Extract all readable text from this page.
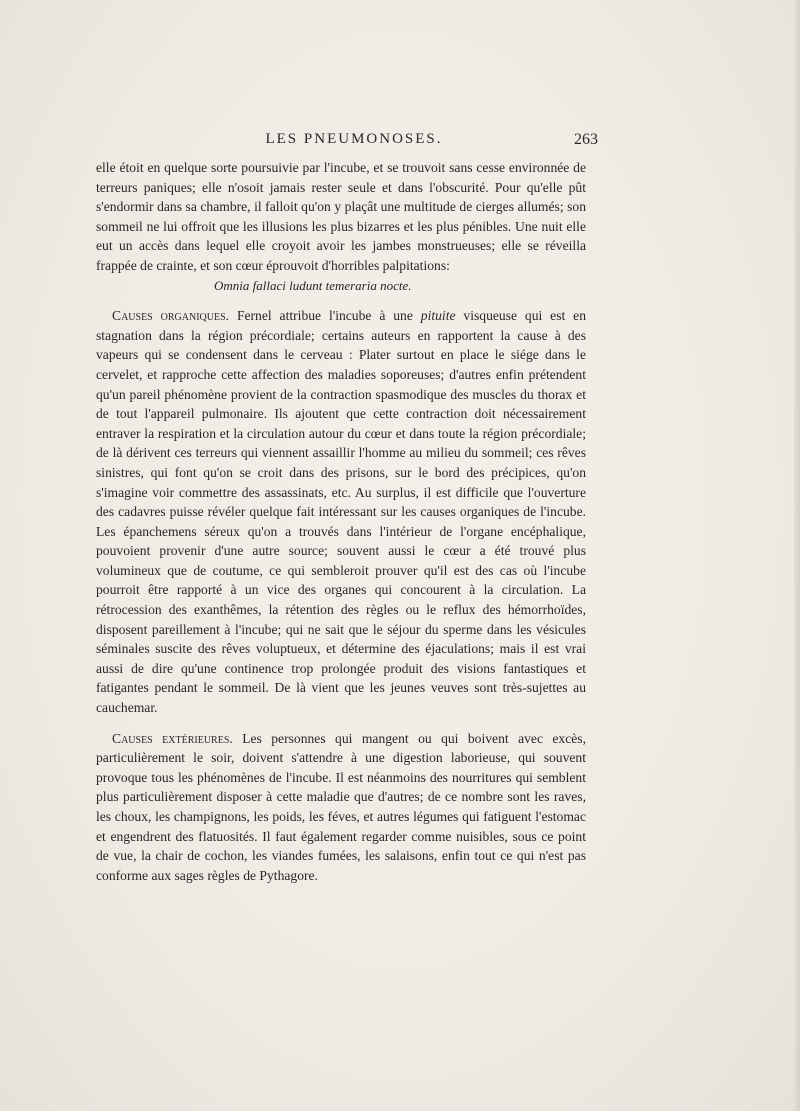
LES PNEUMONOSES.	263

elle étoit en quelque sorte poursuivie par l'incube, et se trouvoit sans cesse environnée de terreurs paniques; elle n'osoit jamais rester seule et dans l'obscurité. Pour qu'elle pût s'endormir dans sa chambre, il falloit qu'on y plaçât une multitude de cierges allumés; son sommeil ne lui offroit que les illusions les plus bizarres et les plus pénibles. Une nuit elle eut un accès dans lequel elle croyoit avoir les jambes monstrueuses; elle se réveilla frappée de crainte, et son cœur éprouvoit d'horribles palpitations:

Omnia fallaci ludunt temeraria nocte.

Causes organiques. Fernel attribue l'incube à une pituite visqueuse qui est en stagnation dans la région précordiale; certains auteurs en rapportent la cause à des vapeurs qui se condensent dans le cerveau : Plater surtout en place le siége dans le cervelet, et rapproche cette affection des maladies soporeuses; d'autres enfin prétendent qu'un pareil phénomène provient de la contraction spasmodique des muscles du thorax et de tout l'appareil pulmonaire. Ils ajoutent que cette contraction doit nécessairement entraver la respiration et la circulation autour du cœur et dans toute la région précordiale; de là dérivent ces terreurs qui viennent assaillir l'homme au milieu du sommeil; ces rêves sinistres, qui font qu'on se croit dans des prisons, sur le bord des précipices, qu'on s'imagine voir commettre des assassinats, etc. Au surplus, il est difficile que l'ouverture des cadavres puisse révéler quelque fait intéressant sur les causes organiques de l'incube. Les épanchemens séreux qu'on a trouvés dans l'intérieur de l'organe encéphalique, pouvoient provenir d'une autre source; souvent aussi le cœur a été trouvé plus volumineux que de coutume, ce qui sembleroit prouver qu'il est des cas où l'incube pourroit être rapporté à un vice des organes qui concourent à la circulation. La rétrocession des exanthêmes, la rétention des règles ou le reflux des hémorrhoïdes, disposent pareillement à l'incube; qui ne sait que le séjour du sperme dans les vésicules séminales suscite des rêves voluptueux, et détermine des éjaculations; mais il est vrai aussi de dire qu'une continence trop prolongée produit des visions fantastiques et fatigantes pendant le sommeil. De là vient que les jeunes veuves sont très-sujettes au cauchemar.

Causes extérieures. Les personnes qui mangent ou qui boivent avec excès, particulièrement le soir, doivent s'attendre à une digestion laborieuse, qui souvent provoque tous les phénomènes de l'incube. Il est néanmoins des nourritures qui semblent plus particulièrement disposer à cette maladie que d'autres; de ce nombre sont les raves, les choux, les champignons, les poids, les féves, et autres légumes qui fatiguent l'estomac et engendrent des flatuosités. Il faut également regarder comme nuisibles, sous ce point de vue, la chair de cochon, les viandes fumées, les salaisons, enfin tout ce qui n'est pas conforme aux sages règles de Pythagore.
